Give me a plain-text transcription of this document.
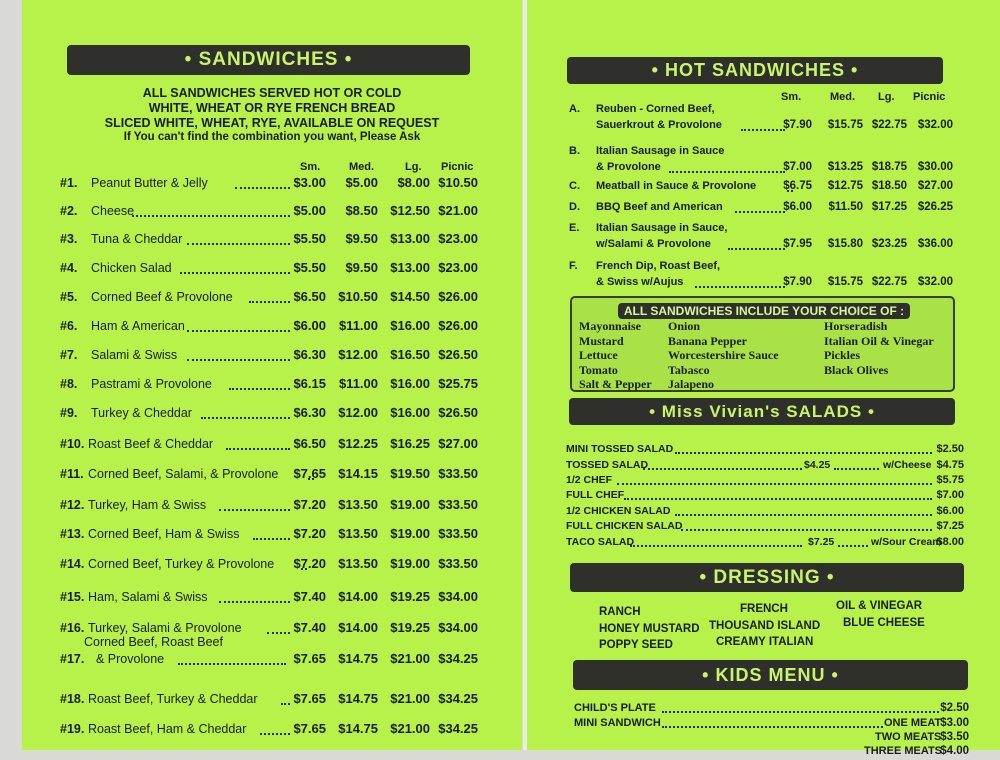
• SANDWICHES •
ALL SANDWICHES SERVED HOT OR COLD
WHITE, WHEAT OR RYE FRENCH BREAD
SLICED WHITE, WHEAT, RYE, AVAILABLE ON REQUEST
If You can't find the combination you want, Please Ask
Sm.	Med.	Lg. Picnic
#1.	Peanut Butter & Jelly	$3.00	$5.00	$8.00 $10.50
#2.	Cheese	$5.00	$8.50 $12.50 $21.00
#3.	Tuna & Cheddar	$5.50	$9.50 $13.00 $23.00
#4.	Chicken Salad	$5.50	$9.50 $13.00 $23.00
#5.	Corned Beef & Provolone	$6.50 $10.50 $14.50 $26.00
#6.	Ham & American	$6.00 $11.00 $16.00 $26.00
#7.	Salami & Swiss	$6.30 $12.00 $16.50 $26.50
#8.	Pastrami & Provolone	$6.15 $11.00 $16.00 $25.75
#9.	Turkey & Cheddar	$6.30 $12.00 $16.00 $26.50
#10. Roast Beef & Cheddar	$6.50 $12.25 $16.25 $27.00
#11. Corned Beef, Salami, & Provolone	$7.65 $14.15 $19.50 $33.50
#12. Turkey, Ham & Swiss	$7.20 $13.50 $19.00 $33.50
#13. Corned Beef, Ham & Swiss	$7.20 $13.50 $19.00 $33.50
#14. Corned Beef, Turkey & Provolone	$7.20 $13.50 $19.00 $33.50
#15. Ham, Salami & Swiss	$7.40 $14.00 $19.25 $34.00
#16. Turkey, Salami & Provolone	$7.40 $14.00 $19.25 $34.00
#17.
Corned Beef, Roast Beef
& Provolone	$7.65 $14.75 $21.00 $34.25
#18. Roast Beef, Turkey & Cheddar	$7.65 $14.75 $21.00 $34.25
#19. Roast Beef, Ham & Cheddar	$7.65 $14.75 $21.00 $34.25
• HOT SANDWICHES •
Sm.	Med. Lg. Picnic
A.	Reuben - Corned Beef,
Sauerkrout & Provolone	$7.90	$15.75 $22.75 $32.00
B.	Italian Sausage in Sauce
& Provolone	$7.00	$13.25 $18.75 $30.00
C.	Meatball in Sauce & Provolone	$6.75	$12.75 $18.50 $27.00
D.	BBQ Beef and American	$6.00	$11.50 $17.25 $26.25
E.	Italian Sausage in Sauce,
w/Salami & Provolone	$7.95	$15.80 $23.25 $36.00
F.	French Dip, Roast Beef,
& Swiss w/Aujus	$7.90	$15.75 $22.75 $32.00
ALL SANDWICHES INCLUDE YOUR CHOICE OF :
Mayonnaise
Mustard
Lettuce
Tomato
Salt & Pepper
Onion
Banana Pepper
Worcestershire Sauce
Tabasco
Jalapeno
Horseradish
Italian Oil & Vinegar
Pickles
Black Olives
• Miss Vivian's SALADS •
MINI TOSSED SALAD	$2.50
TOSSED SALAD	$4.25	w/Cheese $4.75
1/2 CHEF	$5.75
FULL CHEF	$7.00
1/2 CHICKEN SALAD	$6.00
FULL CHICKEN SALAD	$7.25
TACO SALAD	$7.25	w/Sour Cream
$8.00
• DRESSING •
RANCH
HONEY MUSTARD
POPPY SEED
FRENCH
THOUSAND ISLAND
CREAMY ITALIAN
OIL & VINEGAR
BLUE CHEESE
• KIDS MENU •
CHILD'S PLATE	$2.50
MINI SANDWICH	ONE MEAT
$3.00
TWO MEATS
$3.50
THREE MEATS
$4.00
